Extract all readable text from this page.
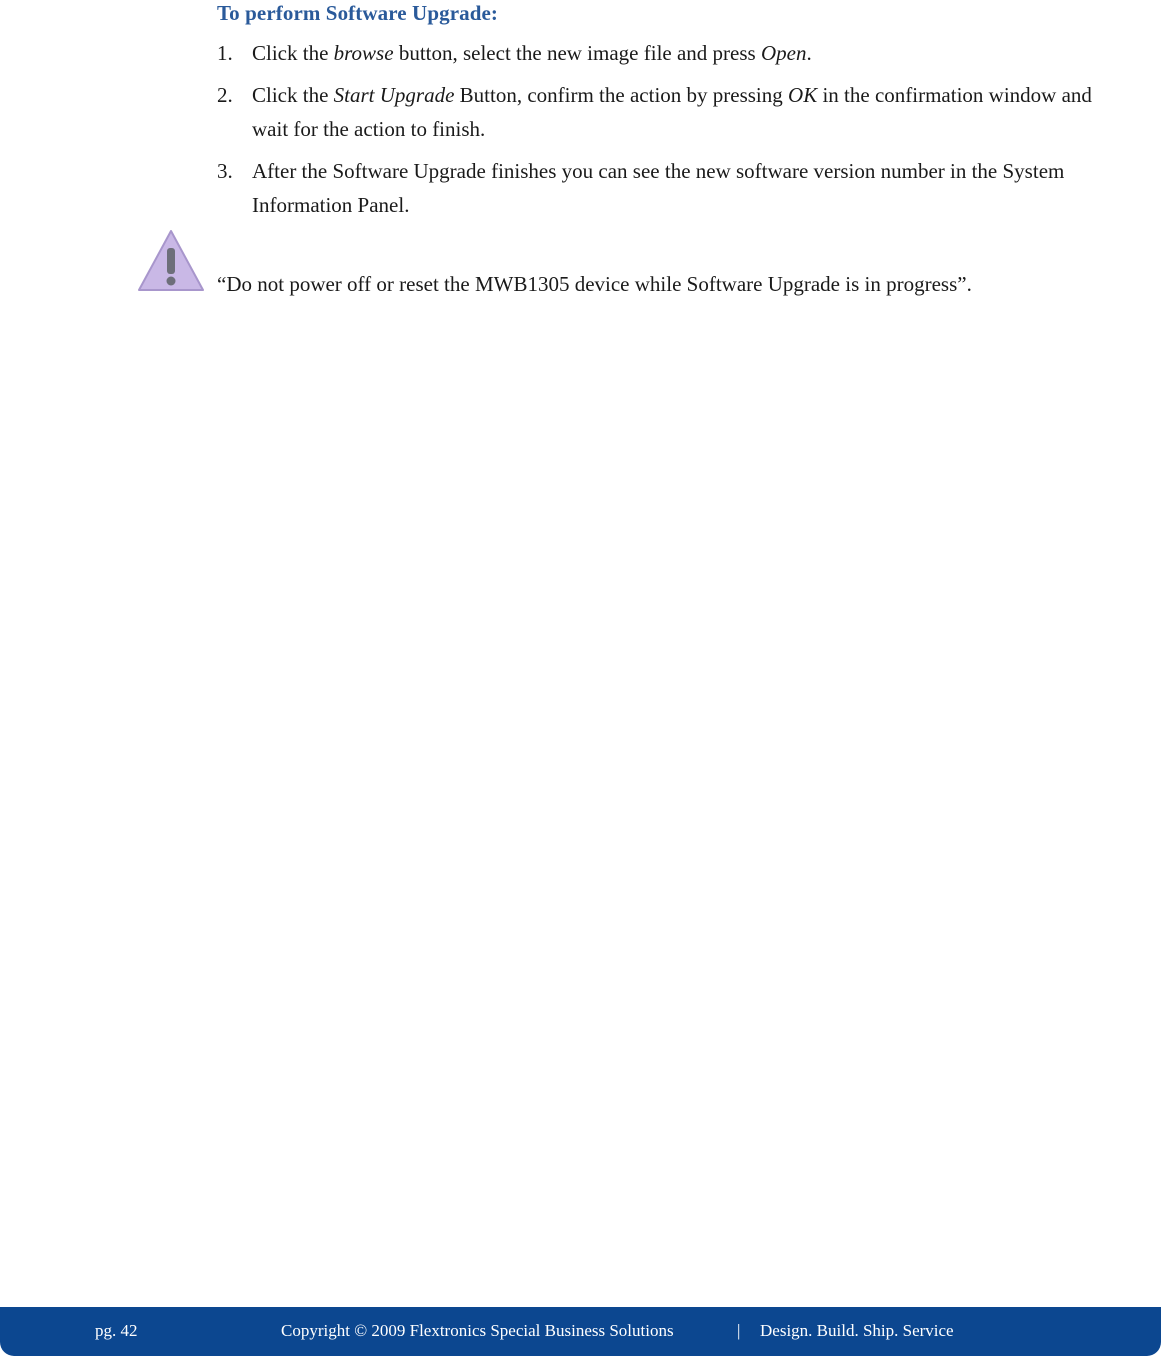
To perform Software Upgrade:
1. Click the browse button, select the new image file and press Open.
2. Click the Start Upgrade Button, confirm the action by pressing OK in the confirmation window and wait for the action to finish.
3. After the Software Upgrade finishes you can see the new software version number in the System Information Panel.
“Do not power off or reset the MWB1305 device while Software Upgrade is in progress”.
pg. 42	Copyright © 2009 Flextronics Special Business Solutions	| Design. Build. Ship. Service
